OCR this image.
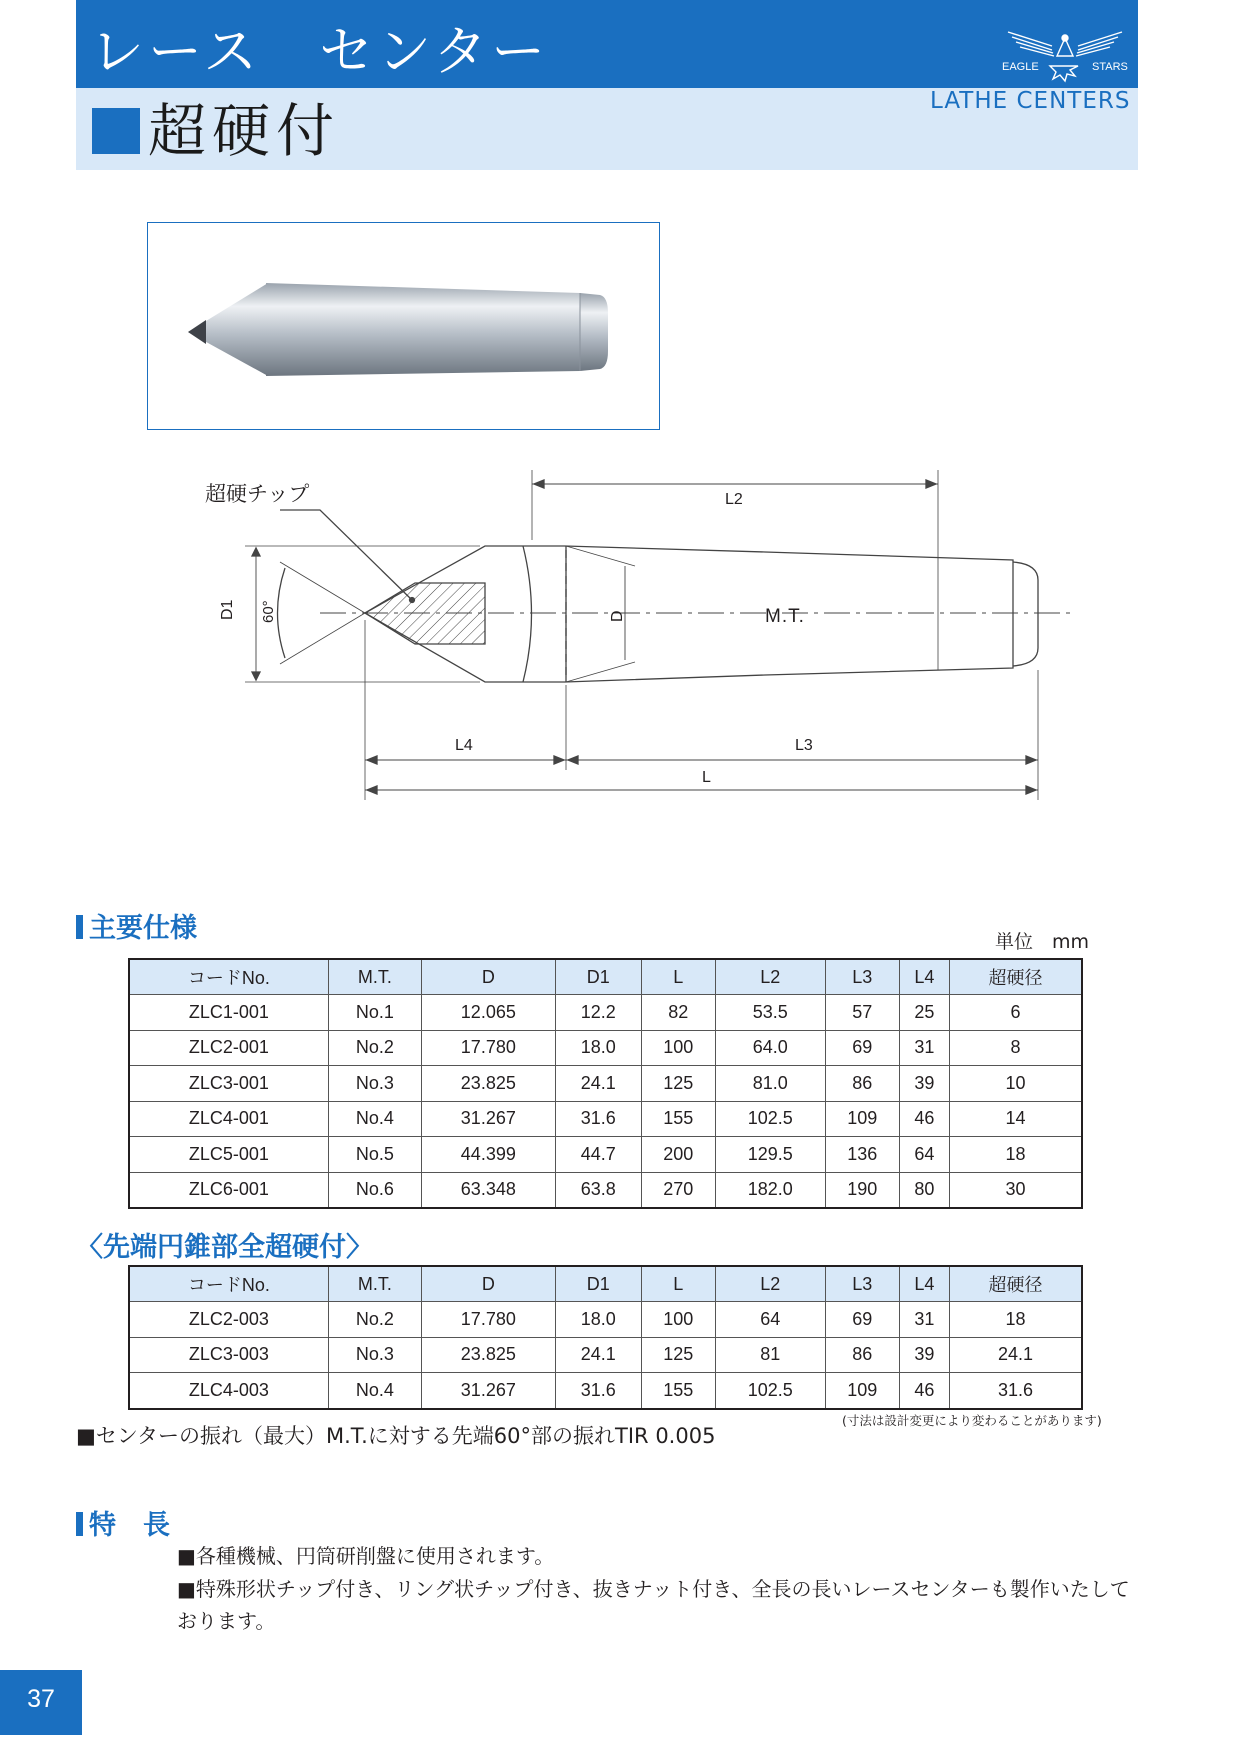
レース　センター
超硬付	LATHE CENTERS
EAGLE	STARS
超硬チップ	L2
M.T.
D1 60°	D
L4	L3
L
主要仕様	単位　mm
コードNo.	M.T.	D	D1	L	L2	L3	L4	超硬径
ZLC1-001	No.1	12.065	12.2	82	53.5	57	25	6
ZLC2-001	No.2	17.780	18.0	100	64.0	69	31	8
ZLC3-001	No.3	23.825	24.1	125	81.0	86	39	10
ZLC4-001	No.4	31.267	31.6	155	102.5	109	46	14
ZLC5-001	No.5	44.399	44.7	200	129.5	136	64	18
ZLC6-001	No.6	63.348	63.8	270	182.0	190	80	30
〈先端円錐部全超硬付〉
コードNo.	M.T.	D	D1	L	L2	L3	L4	超硬径
ZLC2-003	No.2	17.780	18.0	100	64	69	31	18
ZLC3-003	No.3	23.825	24.1	125	81	86	39	24.1
ZLC4-003	No.4	31.267	31.6	155	102.5	109	46	31.6
(寸法は設計変更により変わることがあります)
■センターの振れ（最大）M.T.に対する先端60°部の振れTIR 0.005
特　長
■各種機械、円筒研削盤に使用されます。
■特殊形状チップ付き、リング状チップ付き、抜きナット付き、全長の長いレースセンターも製作いたして
おります。
37
